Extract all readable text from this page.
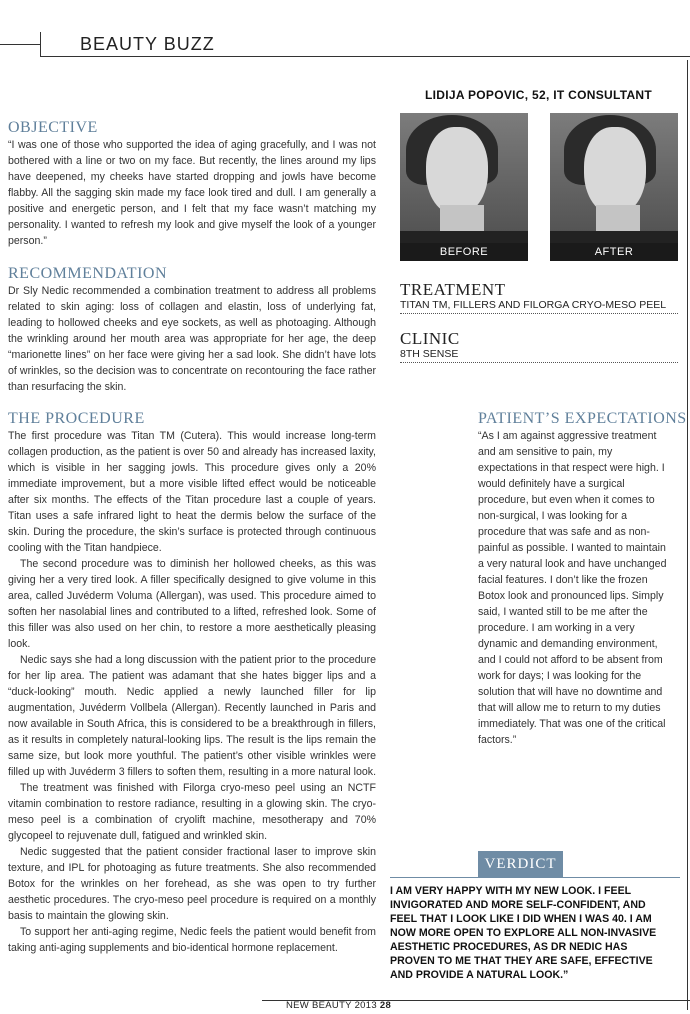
BEAUTY BUZZ
OBJECTIVE
“I was one of those who supported the idea of aging gracefully, and I was not bothered with a line or two on my face. But recently, the lines around my lips have deepened, my cheeks have started dropping and jowls have become flabby. All the sagging skin made my face look tired and dull. I am generally a positive and energetic person, and I felt that my face wasn’t matching my personality. I wanted to refresh my look and give myself the look of a younger person.”
RECOMMENDATION
Dr Sly Nedic recommended a combination treatment to address all problems related to skin aging: loss of collagen and elastin, loss of underlying fat, leading to hollowed cheeks and eye sockets, as well as photoaging. Although the wrinkling around her mouth area was appropriate for her age, the deep “marionette lines” on her face were giving her a sad look. She didn’t have lots of wrinkles, so the decision was to concentrate on recontouring the face rather than resurfacing the skin.
LIDIJA POPOVIC, 52, IT CONSULTANT
BEFORE	AFTER
TREATMENT
TITAN TM, FILLERS AND FILORGA CRYO-MESO PEEL
CLINIC
8TH SENSE
THE PROCEDURE

The first procedure was Titan TM (Cutera). This would increase long-term collagen production, as the patient is over 50 and already has increased laxity, which is visible in her sagging jowls. This procedure gives only a 20% immediate improvement, but a more visible lifted effect would be noticeable after six months. The effects of the Titan procedure last a couple of years. Titan uses a safe infrared light to heat the dermis below the surface of the skin. During the procedure, the skin’s surface is protected through continuous cooling with the Titan handpiece.

The second procedure was to diminish her hollowed cheeks, as this was giving her a very tired look. A filler specifically designed to give volume in this area, called Juvéderm Voluma (Allergan), was used. This procedure aimed to soften her nasolabial lines and contributed to a lifted, refreshed look. Some of this filler was also used on her chin, to restore a more aesthetically pleasing look.

Nedic says she had a long discussion with the patient prior to the procedure for her lip area. The patient was adamant that she hates bigger lips and a “duck-looking” mouth. Nedic applied a newly launched filler for lip augmentation, Juvéderm Vollbela (Allergan). Recently launched in Paris and now available in South Africa, this is considered to be a breakthrough in fillers, as it results in completely natural-looking lips. The result is the lips remain the same size, but look more youthful. The patient’s other visible wrinkles were filled up with Juvéderm 3 fillers to soften them, resulting in a more natural look.

The treatment was finished with Filorga cryo-meso peel using an NCTF vitamin combination to restore radiance, resulting in a glowing skin. The cryo-meso peel is a combination of cryolift machine, mesotherapy and 70% glycopeel to rejuvenate dull, fatigued and wrinkled skin.

Nedic suggested that the patient consider fractional laser to improve skin texture, and IPL for photoaging as future treatments. She also recommended Botox for the wrinkles on her forehead, as she was open to try further aesthetic procedures. The cryo-meso peel procedure is required on a monthly basis to maintain the glowing skin.

To support her anti-aging regime, Nedic feels the patient would benefit from taking anti-aging supplements and bio-identical hormone replacement.

PATIENT’S EXPECTATIONS
“As I am against aggressive treatment and am sensitive to pain, my expectations in that respect were high. I would definitely have a surgical procedure, but even when it comes to non-surgical, I was looking for a procedure that was safe and as non-painful as possible. I wanted to maintain a very natural look and have unchanged facial features. I don’t like the frozen Botox look and pronounced lips. Simply said, I wanted still to be me after the procedure. I am working in a very dynamic and demanding environment, and I could not afford to be absent from work for days; I was looking for the solution that will have no downtime and that will allow me to return to my duties immediately. That was one of the critical factors.”
VERDICT
I AM VERY HAPPY WITH MY NEW LOOK. I FEEL INVIGORATED AND MORE SELF-CONFIDENT, AND FEEL THAT I LOOK LIKE I DID WHEN I WAS 40. I AM NOW MORE OPEN TO EXPLORE ALL NON-INVASIVE AESTHETIC PROCEDURES, AS DR NEDIC HAS PROVEN TO ME THAT THEY ARE SAFE, EFFECTIVE AND PROVIDE A NATURAL LOOK.”
NEW BEAUTY 2013 28
